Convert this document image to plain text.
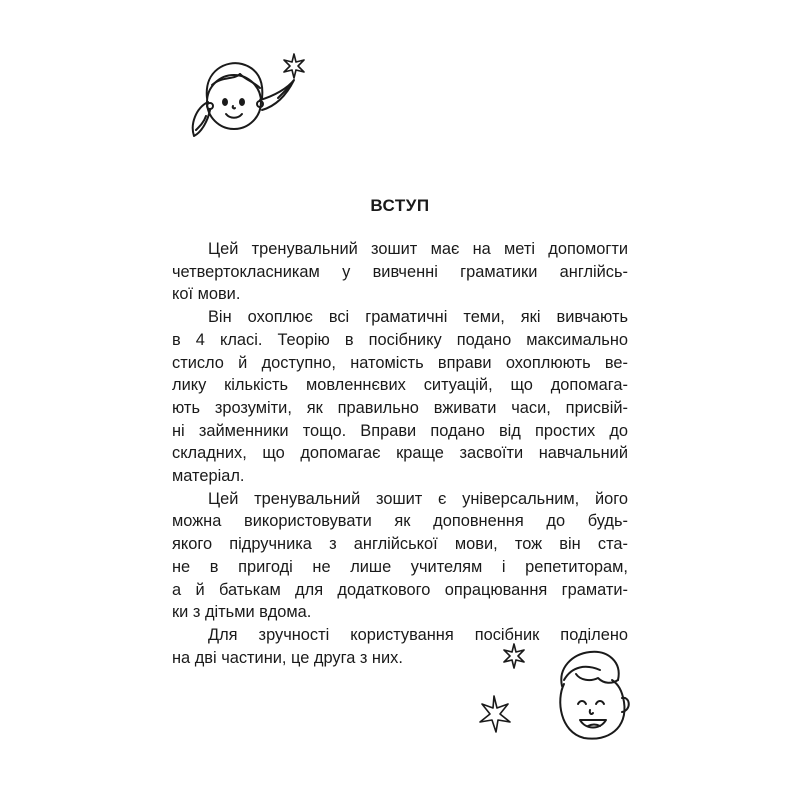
ВСТУП
Цей тренувальний зошит має на меті допомогти
четвертокласникам у вивченні граматики англійсь-
кої мови.
Він охоплює всі граматичні теми, які вивчають
в 4 класі. Теорію в посібнику подано максимально
стисло й доступно, натомість вправи охоплюють ве-
лику кількість мовленнєвих ситуацій, що допомага-
ють зрозуміти, як правильно вживати часи, присвій-
ні займенники тощо. Вправи подано від простих до
складних, що допомагає краще засвоїти навчальний
матеріал.
Цей тренувальний зошит є універсальним, його
можна використовувати як доповнення до будь-
якого підручника з англійської мови, тож він ста-
не в пригоді не лише учителям і репетиторам,
а й батькам для додаткового опрацювання грамати-
ки з дітьми вдома.
Для зручності користування посібник поділено
на дві частини, це друга з них.
